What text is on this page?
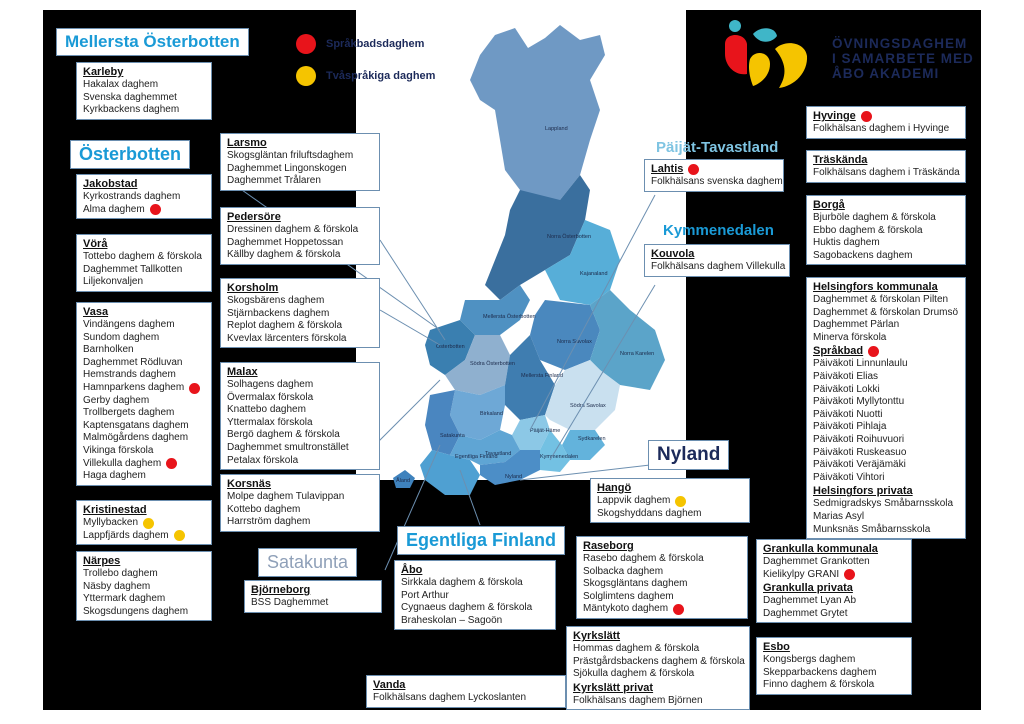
Lappland
Norra Österbotten
Kajanaland
Mellersta Österbotten
Norra Savolax
Norra Karelen
Österbotten
Södra Österbotten
Mellersta Finland
Södra Savolax
Birkaland
Satakunta
Päijät-Häme
Sydkarelen
Egentliga Finland
Tavastland	Kymmenedalen
Nyland
Åland
Språkbadsdaghem
Tvåspråkiga daghem
ÖVNINGSDAGHEM
I SAMARBETE MED
ÅBO AKADEMI
Mellersta Österbotten
Österbotten
Satakunta
Egentliga Finland
Päijät-Tavastland
Kymmenedalen
Nyland
Karleby
Hakalax daghem
Svenska daghemmet
Kyrkbackens daghem
Larsmo
Skogsgläntan friluftsdaghem
Daghemmet Lingonskogen
Daghemmet Trålaren
Jakobstad
Kyrkostrands daghem
Alma daghem
Pedersöre
Dressinen daghem & förskola
Daghemmet Hoppetossan
Källby daghem & förskola
Vörå
Tottebo daghem & förskola
Daghemmet Tallkotten
Liljekonvaljen
Korsholm
Skogsbärens daghem
Stjärnbackens daghem
Replot daghem & förskola
Kvevlax lärcenters förskola
Vasa
Vindängens daghem
Sundom daghem
Barnholken
Daghemmet Rödluvan
Hemstrands daghem
Hamnparkens daghem
Gerby daghem
Trollbergets daghem
Kaptensgatans daghem
Malmögårdens daghem
Vikinga förskola
Villekulla daghem
Haga daghem
Malax
Solhagens daghem
Övermalax förskola
Knattebo daghem
Yttermalax förskola
Bergö daghem & förskola
Daghemmet smultronstället
Petalax förskola
Kristinestad
Myllybacken
Lappfjärds daghem
Korsnäs
Molpe daghem Tulavippan
Kottebo daghem
Harrström daghem
Närpes
Trollebo daghem
Näsby daghem
Yttermark daghem
Skogsdungens daghem
Björneborg
BSS Daghemmet
Åbo
Sirkkala daghem & förskola
Port Arthur
Cygnaeus daghem & förskola
Braheskolan – Sagoön
Vanda
Folkhälsans daghem Lyckoslanten
Lahtis
Folkhälsans svenska daghem
Kouvola
Folkhälsans daghem Villekulla
Hangö
Lappvik daghem
Skogshyddans daghem
Raseborg
Rasebo daghem & förskola
Solbacka daghem
Skogsgläntans daghem
Solglimtens daghem
Mäntykoto daghem
Kyrkslätt
Hommas daghem & förskola
Prästgårdsbackens daghem & förskola
Sjökulla daghem & förskola
Kyrkslätt privat
Folkhälsans daghem Björnen
Hyvinge
Folkhälsans daghem i Hyvinge
Träskända
Folkhälsans daghem i Träskända
Borgå
Bjurböle daghem & förskola
Ebbo daghem & förskola
Huktis daghem
Sagobackens daghem
Helsingfors kommunala
Daghemmet & förskolan Pilten
Daghemmet & förskolan Drumsö
Daghemmet Pärlan
Minerva förskola
Språkbad
Päiväkoti Linnunlaulu
Päiväkoti Elias
Päiväkoti Lokki
Päiväkoti Myllytonttu
Päiväkoti Nuotti
Päiväkoti Pihlaja
Päiväkoti Roihuvuori
Päiväkoti Ruskeasuo
Päiväkoti Veräjämäki
Päiväkoti Vihtori
Helsingfors privata
Sedmigradskys Småbarnsskola
Marias Asyl
Munksnäs Småbarnsskola
Grankulla kommunala
Daghemmet Grankotten
Kielikylpy GRANI
Grankulla privata
Daghemmet Lyan Ab
Daghemmet Grytet
Esbo
Kongsbergs daghem
Skepparbackens daghem
Finno daghem & förskola
